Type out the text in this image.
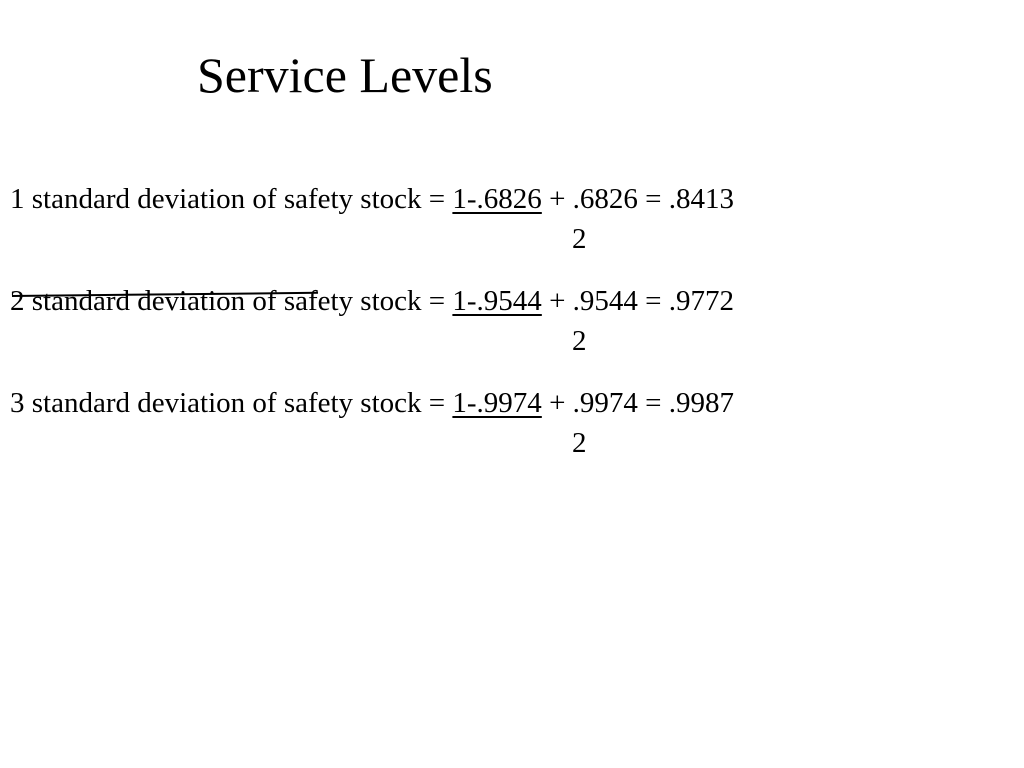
Service Levels
1 standard deviation of safety stock = 1-.6826 + .6826 = .8413
2
2 standard deviation of safety stock = 1-.9544 + .9544 = .9772
2
3 standard deviation of safety stock = 1-.9974 + .9974 = .9987
2
